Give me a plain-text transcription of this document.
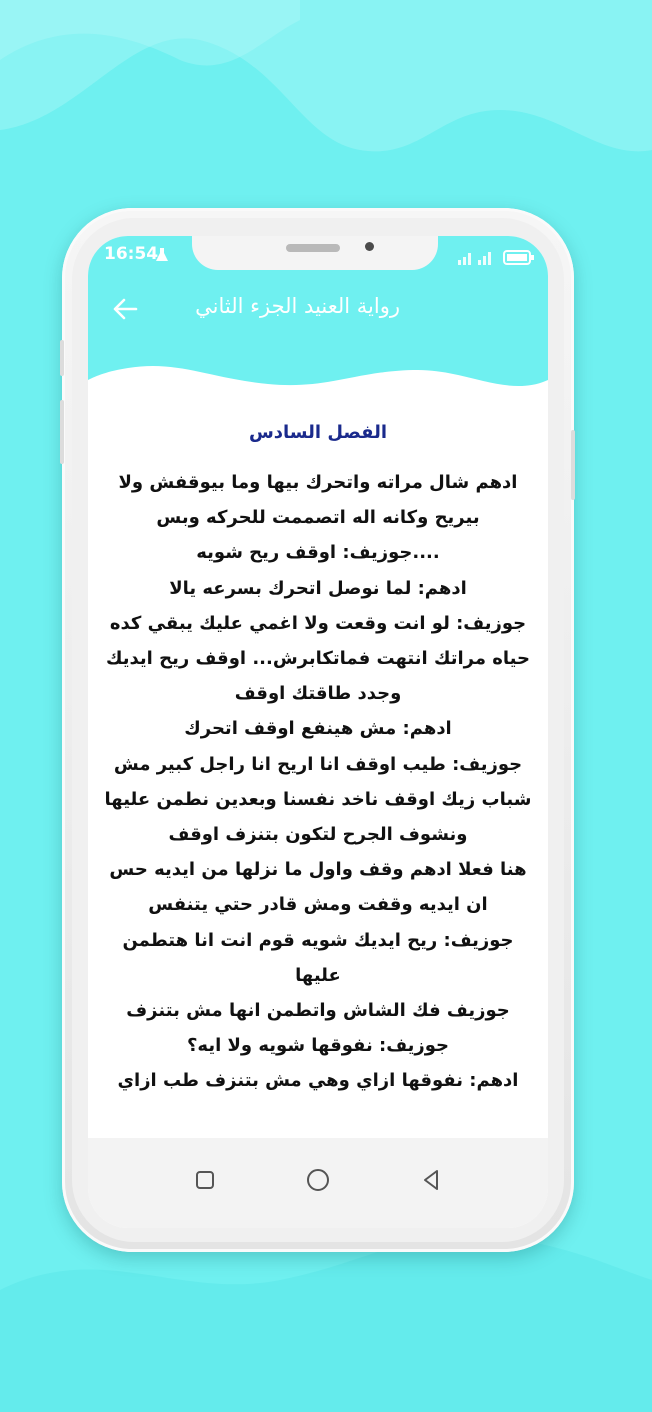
16:54
رواية العنيد الجزء الثاني
الفصل السادس
ادهم شال مراته واتحرك بيها وما بيوقفش ولا
بيريح وكانه اله اتصممت للحركه وبس
....جوزيف: اوقف ريح شويه
ادهم: لما نوصل اتحرك بسرعه يالا
جوزيف: لو انت وقعت ولا اغمي عليك يبقي كده
حياه مراتك انتهت فماتكابرش... اوقف ريح ايديك
وجدد طاقتك اوقف
ادهم: مش هينفع اوقف اتحرك
جوزيف: طيب اوقف انا اريح انا راجل كبير مش
شباب زيك اوقف ناخد نفسنا وبعدين نطمن عليها
ونشوف الجرح لتكون بتنزف اوقف
هنا فعلا ادهم وقف واول ما نزلها من ايديه حس
ان ايديه وقفت ومش قادر حتي يتنفس
جوزيف: ريح ايديك شويه قوم انت انا هتطمن
عليها
جوزيف فك الشاش واتطمن انها مش بتنزف
جوزيف: نفوقها شويه ولا ايه؟
ادهم: نفوقها ازاي وهي مش بتنزف طب ازاي
